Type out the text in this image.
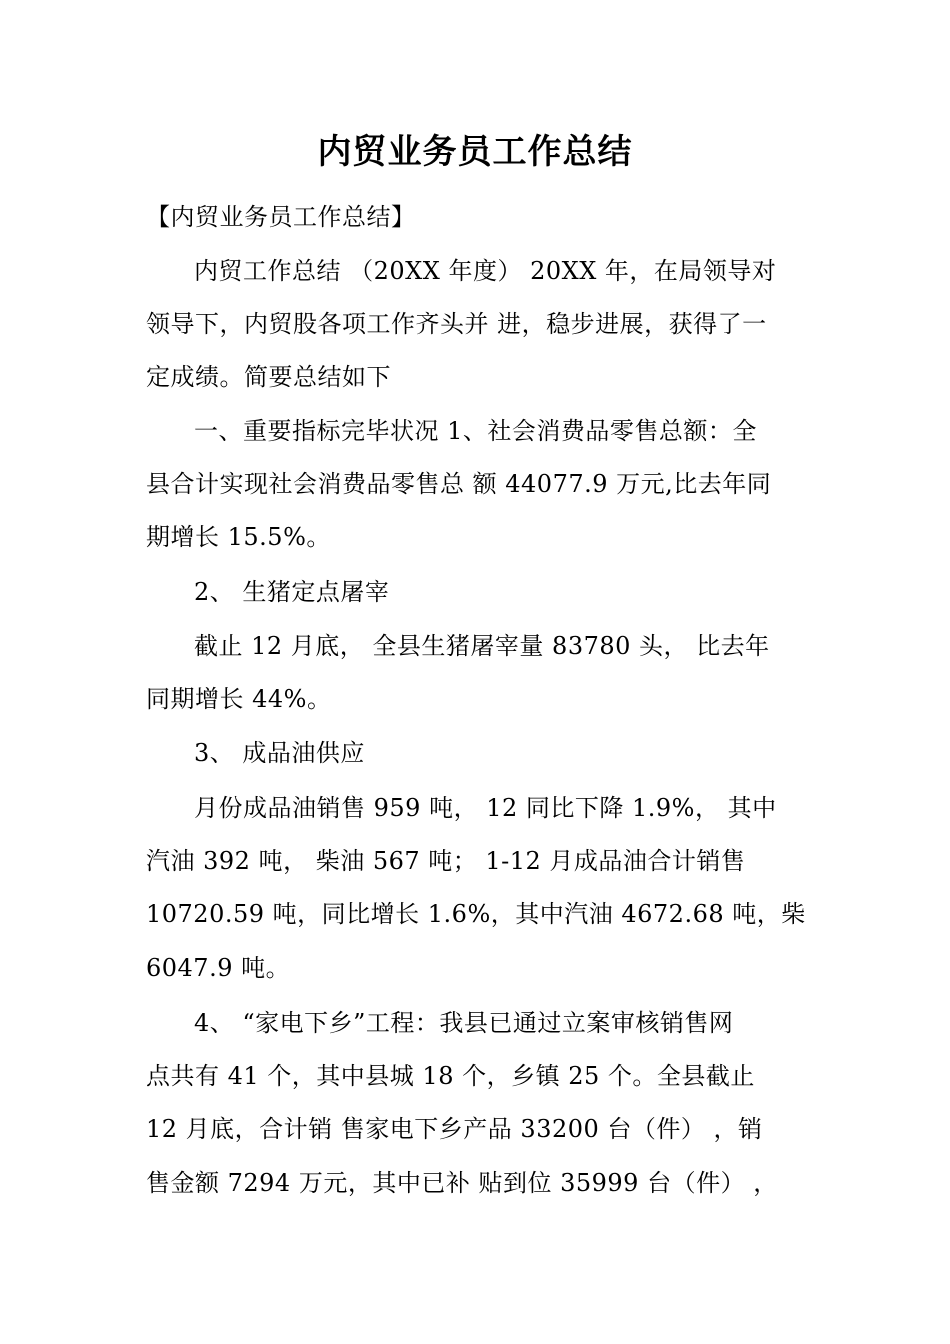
内贸业务员工作总结
【内贸业务员工作总结】
内贸工作总结 （20XX 年度） 20XX 年，在局领导对
领导下，内贸股各项工作齐头并 进，稳步进展，获得了一
定成绩。简要总结如下
一、重要指标完毕状况 1、社会消费品零售总额：全
县合计实现社会消费品零售总 额 44077.9 万元,比去年同
期增长 15.5%。
2、 生猪定点屠宰
截止 12 月底， 全县生猪屠宰量 83780 头， 比去年
同期增长 44%。
3、 成品油供应
月份成品油销售 959 吨， 12 同比下降 1.9%， 其中
汽油 392 吨， 柴油 567 吨； 1-12 月成品油合计销售
10720.59 吨，同比增长 1.6%，其中汽油 4672.68 吨，柴
6047.9 吨。
4、 “家电下乡”工程：我县已通过立案审核销售网
点共有 41 个，其中县城 18 个，乡镇 25 个。全县截止
12 月底，合计销 售家电下乡产品 33200 台（件） ，销
售金额 7294 万元，其中已补 贴到位 35999 台（件） ，
